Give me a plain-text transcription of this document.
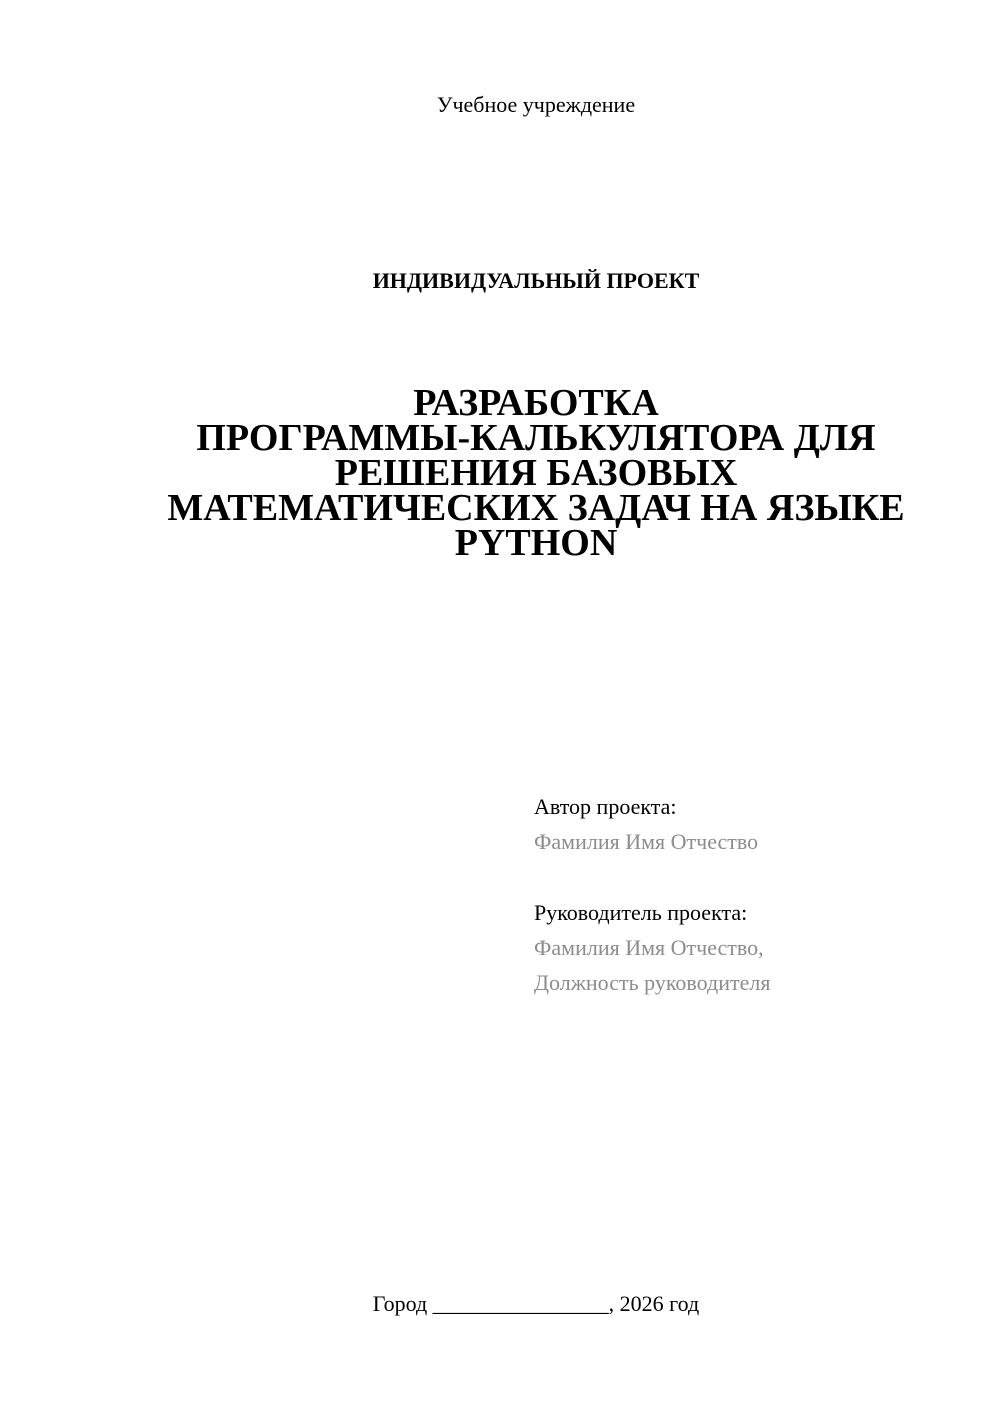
Учебное учреждение
ИНДИВИДУАЛЬНЫЙ ПРОЕКТ
РАЗРАБОТКА
ПРОГРАММЫ-КАЛЬКУЛЯТОРА ДЛЯ
РЕШЕНИЯ БАЗОВЫХ
МАТЕМАТИЧЕСКИХ ЗАДАЧ НА ЯЗЫКЕ
PYTHON
Автор проекта:
Фамилия Имя Отчество
Руководитель проекта:
Фамилия Имя Отчество,
Должность руководителя
Город ________________, 2026 год
